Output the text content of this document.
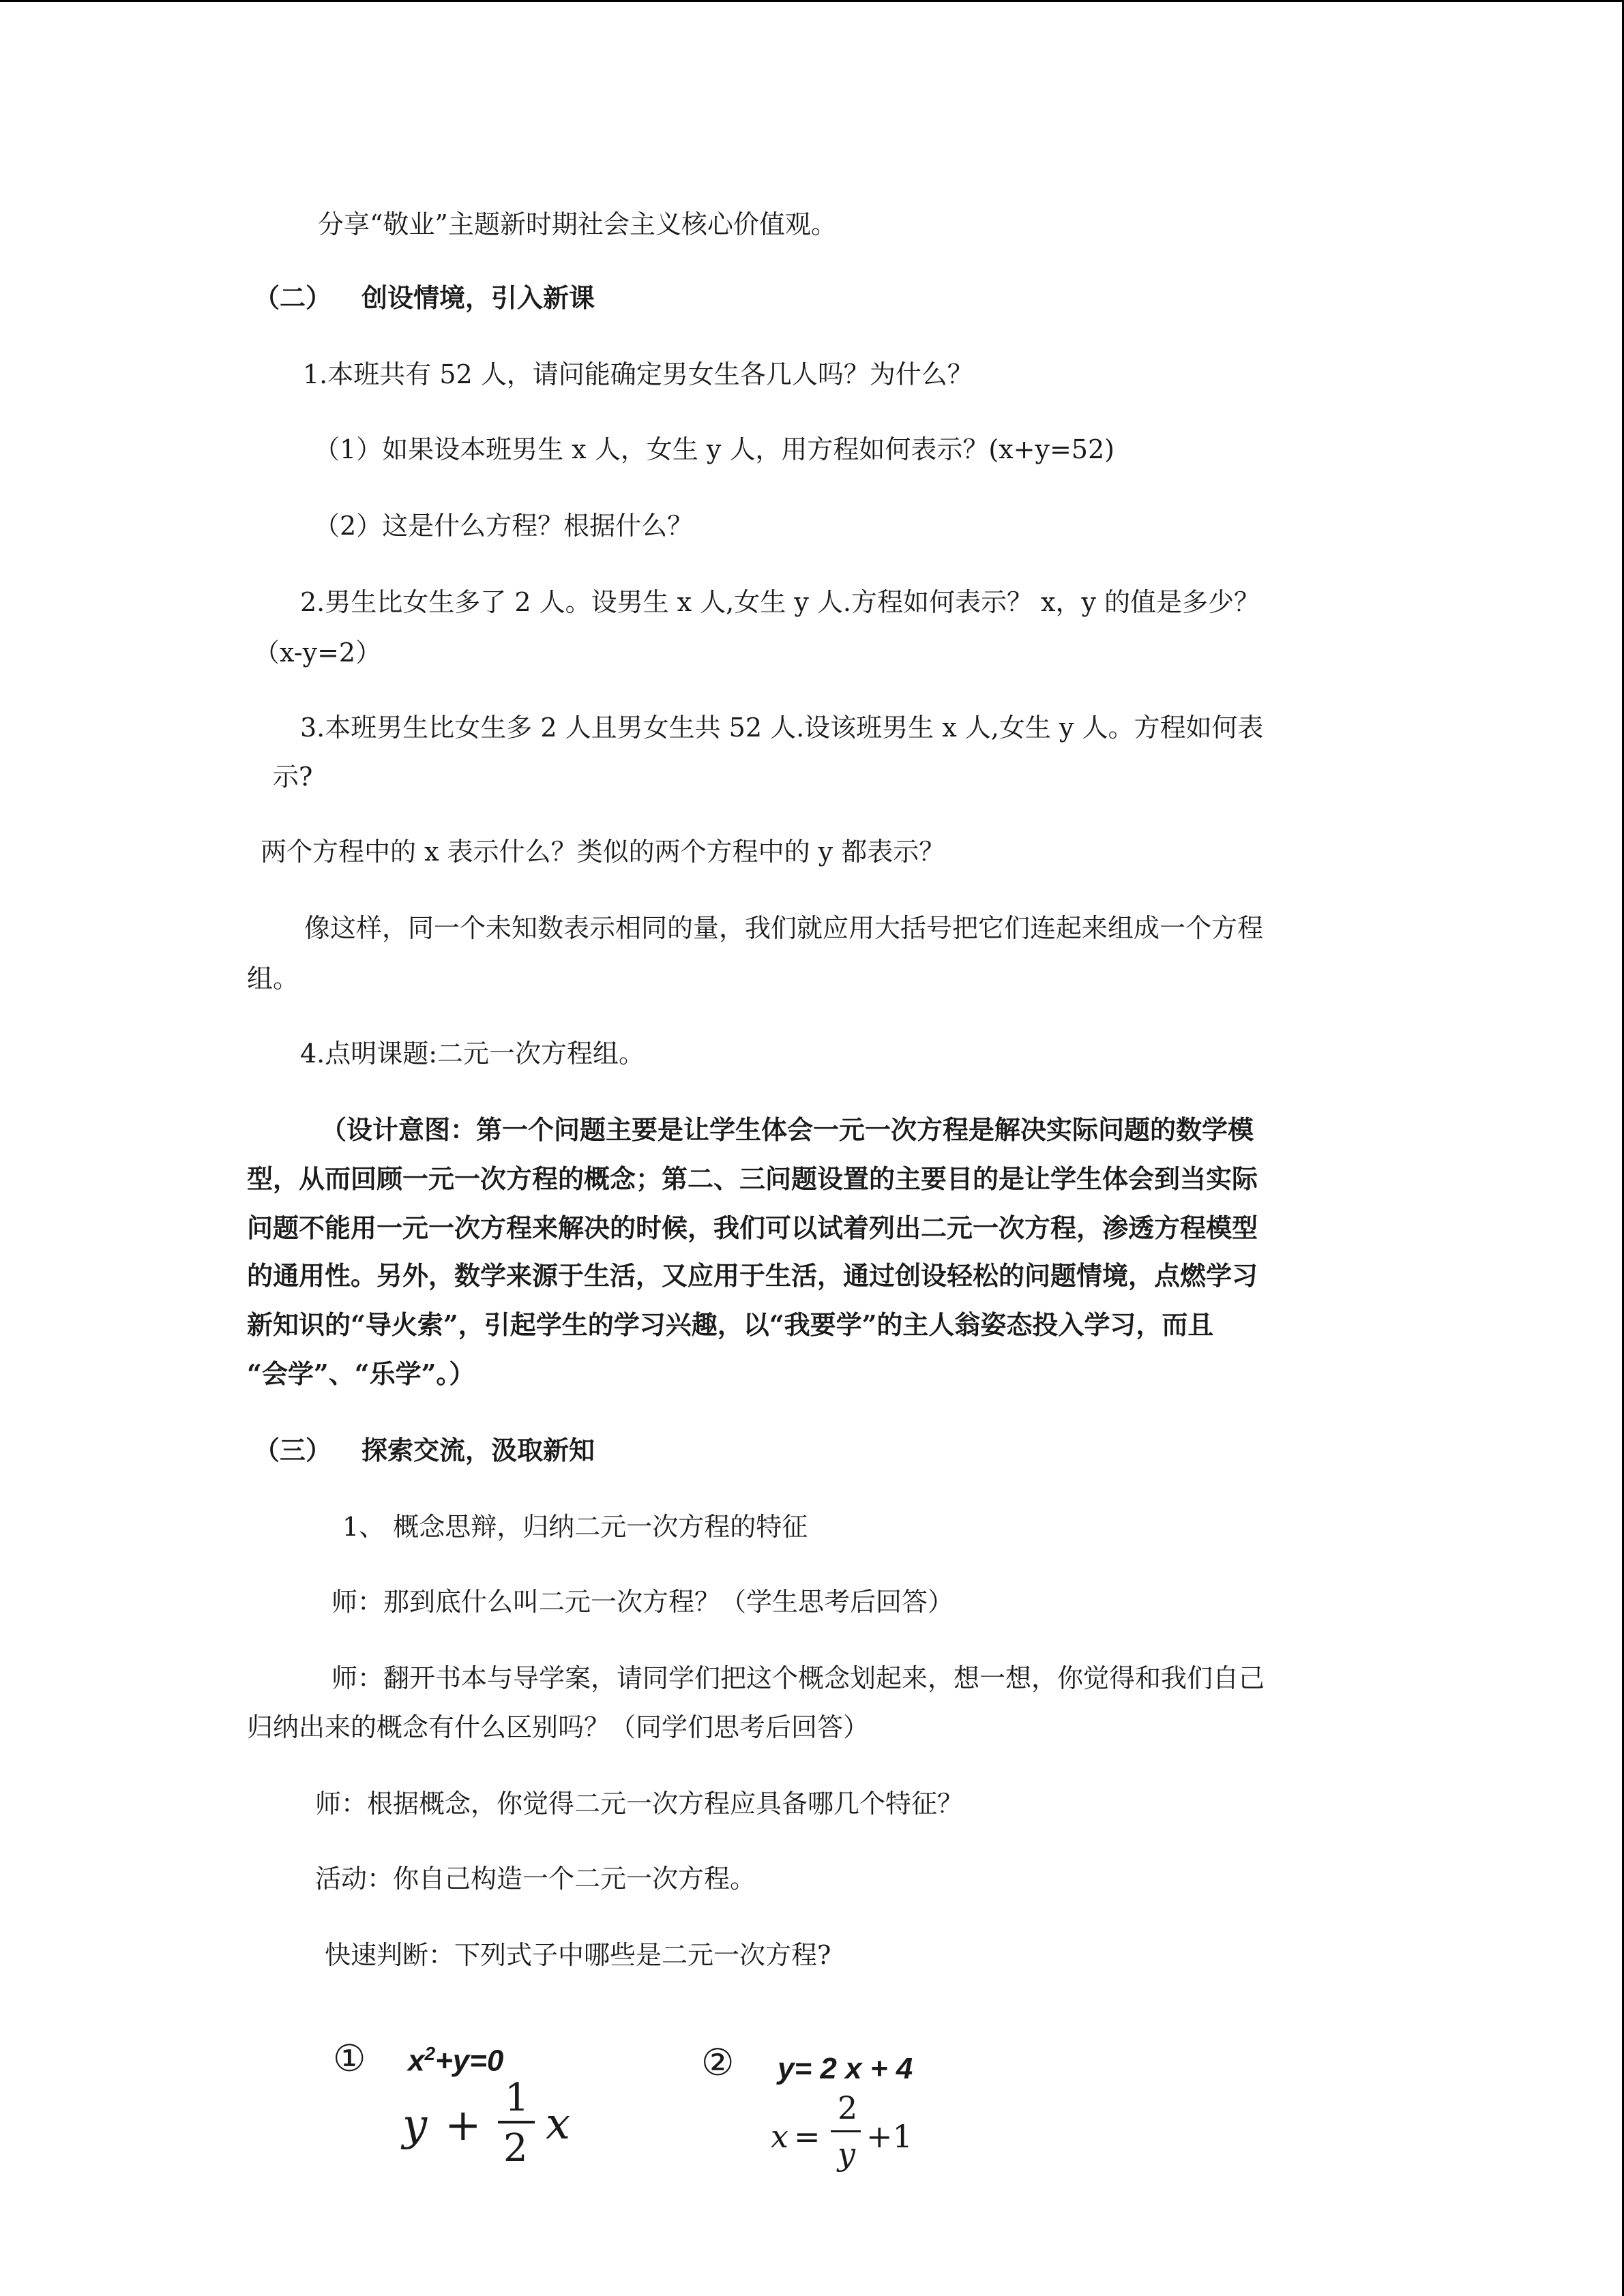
分享“敬业”主题新时期社会主义核心价值观。
（二） 创设情境，引入新课
1.本班共有 52 人，请问能确定男女生各几人吗？为什么？
（1）如果设本班男生 x 人，女生 y 人，用方程如何表示？(x+y=52)
（2）这是什么方程？根据什么？
2.男生比女生多了 2 人。设男生 x 人,女生 y 人.方程如何表示？ x，y 的值是多少？
（x-y=2）
3.本班男生比女生多 2 人且男女生共 52 人.设该班男生 x 人,女生 y 人。方程如何表
示?
两个方程中的 x 表示什么？类似的两个方程中的 y 都表示？
像这样，同一个未知数表示相同的量，我们就应用大括号把它们连起来组成一个方程
组。
4.点明课题:二元一次方程组。
（设计意图：第一个问题主要是让学生体会一元一次方程是解决实际问题的数学模
型，从而回顾一元一次方程的概念；第二、三问题设置的主要目的是让学生体会到当实际
问题不能用一元一次方程来解决的时候，我们可以试着列出二元一次方程，渗透方程模型
的通用性。另外，数学来源于生活，又应用于生活，通过创设轻松的问题情境，点燃学习
新知识的“导火索”，引起学生的学习兴趣，以“我要学”的主人翁姿态投入学习，而且
“会学”、“乐学”。）
（三） 探索交流，汲取新知
1、 概念思辩，归纳二元一次方程的特征
师：那到底什么叫二元一次方程？（学生思考后回答）
师：翻开书本与导学案，请同学们把这个概念划起来，想一想，你觉得和我们自己
归纳出来的概念有什么区别吗？（同学们思考后回答）
师：根据概念，你觉得二元一次方程应具备哪几个特征？
活动：你自己构造一个二元一次方程。
快速判断：下列式子中哪些是二元一次方程?
① $x^2+y=0$
y +
1
2 x
② y= 2 x + 4
x =
2
y +1
